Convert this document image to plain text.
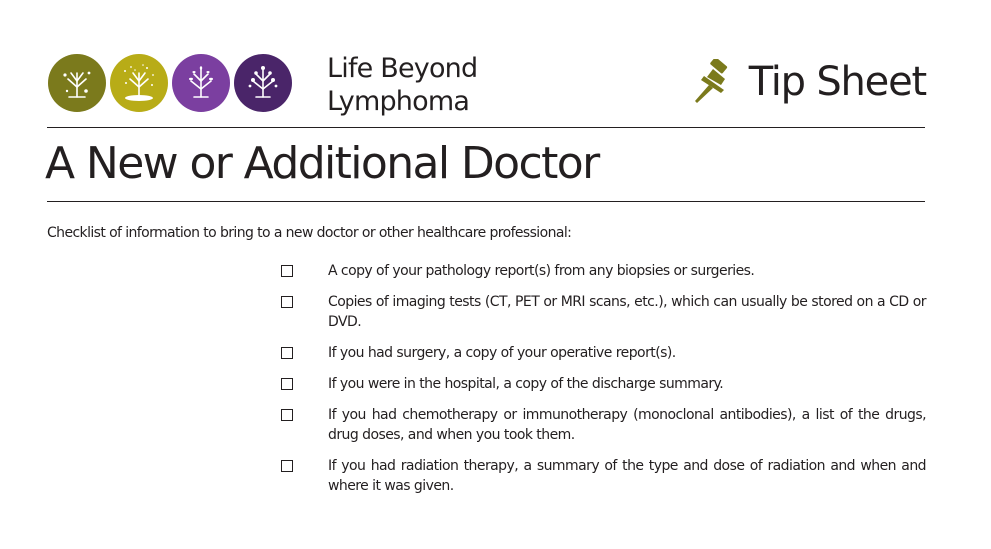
Life Beyond
Lymphoma	Tip Sheet
A New or Additional Doctor
Checklist of information to bring to a new doctor or other healthcare professional:
A copy of your pathology report(s) from any biopsies or surgeries.
Copies of imaging tests (CT, PET or MRI scans, etc.), which can usually be stored on a CD or DVD.
If you had surgery, a copy of your operative report(s).
If you were in the hospital, a copy of the discharge summary.
If you had chemotherapy or immunotherapy (monoclonal antibodies), a list of the drugs, drug doses, and when you took them.
If you had radiation therapy, a summary of the type and dose of radiation and when and where it was given.
